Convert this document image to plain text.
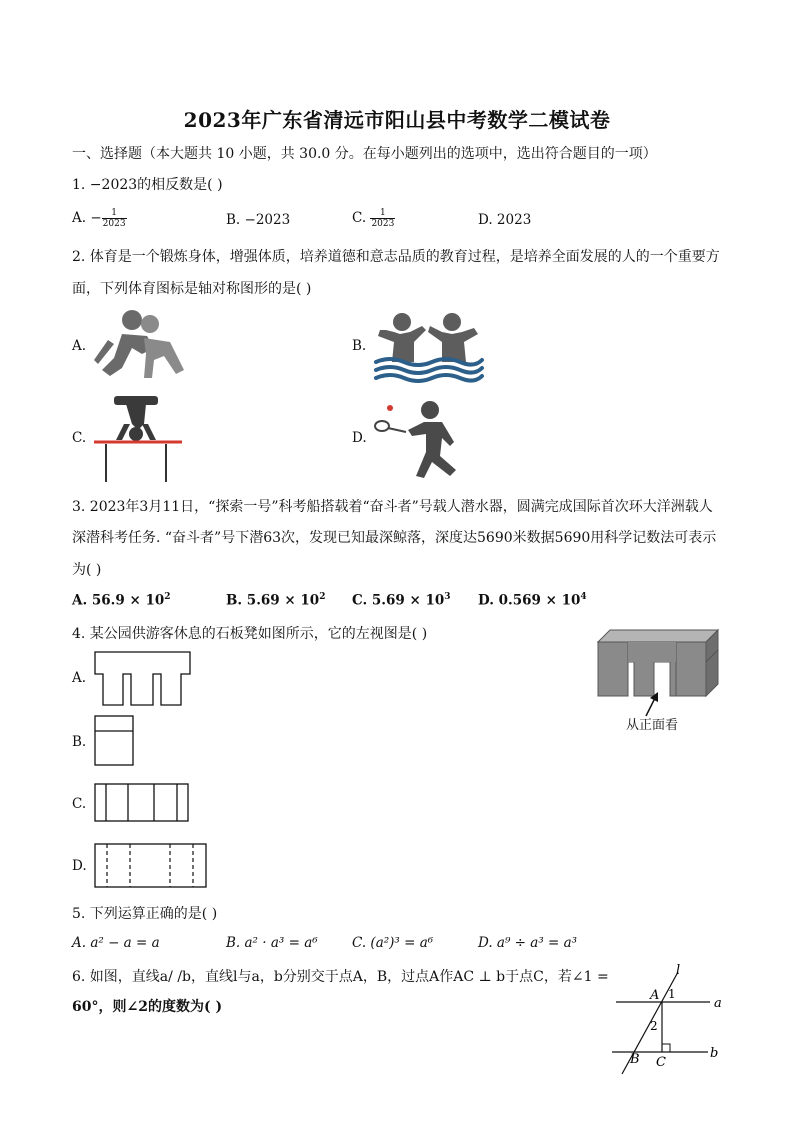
2023年广东省清远市阳山县中考数学二模试卷
一、选择题（本大题共 10 小题，共 30.0 分。在每小题列出的选项中，选出符合题目的一项）
1. −2023的相反数是( )
A. − $\frac{1}{2023}$	B. −2023	C. $\frac{1}{2023}$	D. 2023
2. 体育是一个锻炼身体，增强体质，培养道德和意志品质的教育过程，是培养全面发展的人的一个重要方
面，下列体育图标是轴对称图形的是( )
A.	B.
C.	D.
3. 2023年3月11日，“探索一号”科考船搭载着“奋斗者”号载人潜水器，圆满完成国际首次环大洋洲载人
深潜科考任务. “奋斗者”号下潜63次，发现已知最深鲸落，深度达5690米数据5690用科学记数法可表示
为( )
A. $56.9 \times 10^2$	B. $5.69 \times 10^2$ C. $5.69 \times 10^3$ D. $0.569 \times 10^4$
4. 某公园供游客休息的石板凳如图所示，它的左视图是( )
从正面看
A.
B.
C.
D.
5. 下列运算正确的是( )
A. a² − a = a	B. a² · a³ = a⁶	C. (a²)³ = a⁶	D. a⁹ ÷ a³ = a³
6. 如图，直线a/ /b，直线l与a，b分别交于点A，B，过点A作AC ⊥ b于点C，若∠1 =
60°，则∠2的度数为( )
l
A 1
a
2
B C
b
